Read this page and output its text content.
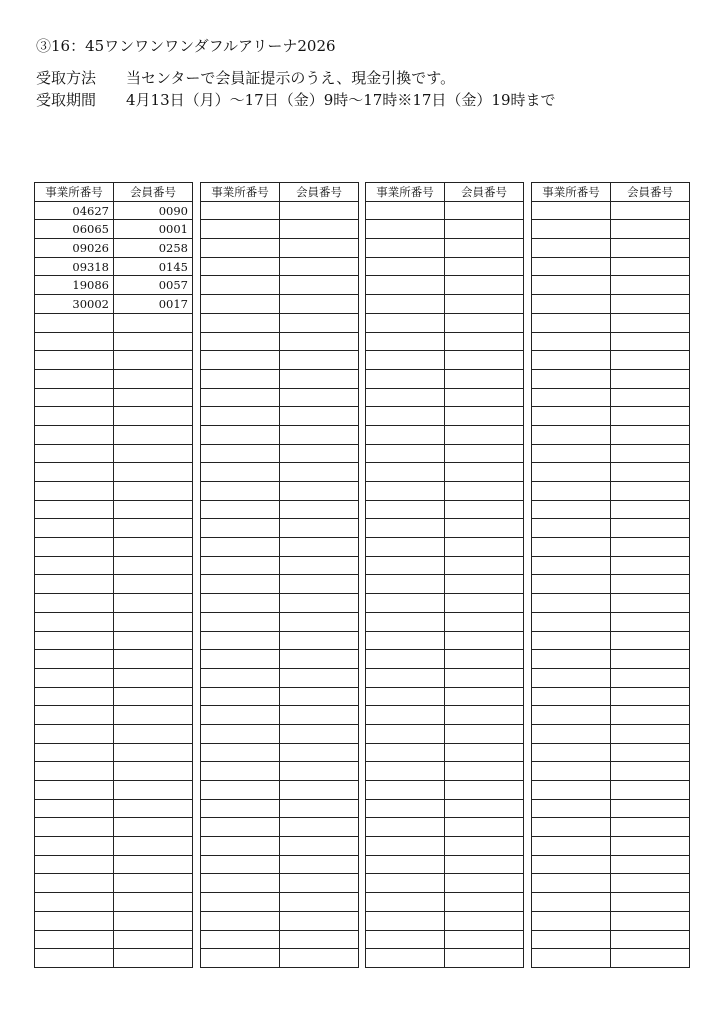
③16：45ワンワンワンダフルアリーナ2026
受取方法	当センターで会員証提示のうえ、現金引換です。
受取期間	4月13日（月）～17日（金）9時～17時※17日（金）19時まで
事業所番号	会員番号
04627	0090
06065	0001
09026	0258
09318	0145
19086	0057
30002	0017

事業所番号	会員番号

		事業所番号	会員番号

		事業所番号	会員番号
